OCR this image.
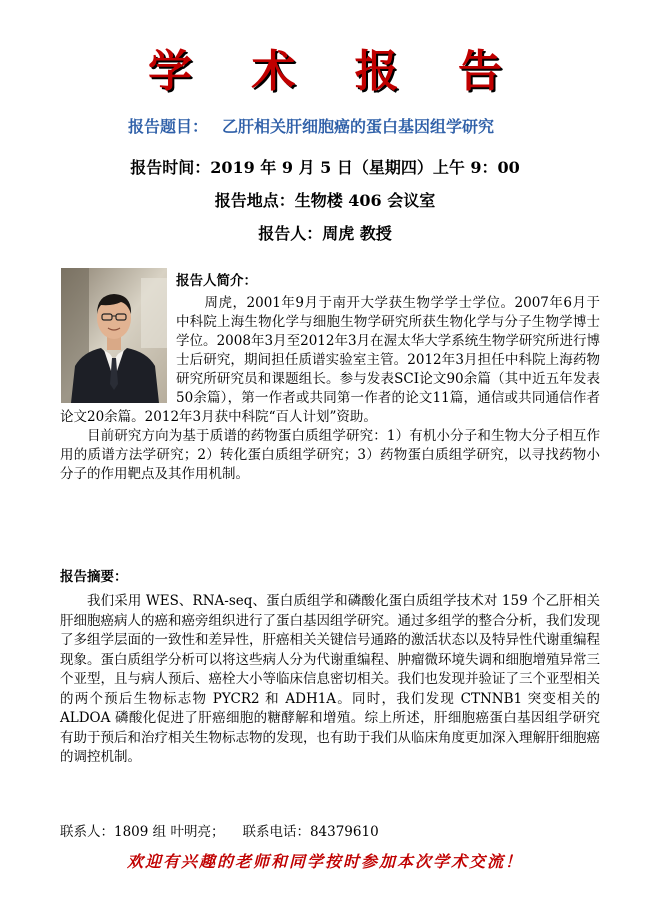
学 术 报 告
报告题目： 乙肝相关肝细胞癌的蛋白基因组学研究
报告时间：2019 年 9 月 5 日（星期四）上午 9：00
报告地点：生物楼 406 会议室
报告人：周虎 教授
报告人简介：

周虎，2001年9月于南开大学获生物学学士学位。2007年6月于中科院上海生物化学与细胞生物学研究所获生物化学与分子生物学博士学位。2008年3月至2012年3月在渥太华大学系统生物学研究所进行博士后研究，期间担任质谱实验室主管。2012年3月担任中科院上海药物研究所研究员和课题组长。参与发表SCI论文90余篇（其中近五年发表50余篇），第一作者或共同第一作者的论文11篇，通信或共同通信作者论文20余篇。2012年3月获中科院“百人计划”资助。

目前研究方向为基于质谱的药物蛋白质组学研究：1）有机小分子和生物大分子相互作用的质谱方法学研究；2）转化蛋白质组学研究；3）药物蛋白质组学研究，以寻找药物小分子的作用靶点及其作用机制。

报告摘要：

我们采用 WES、RNA-seq、蛋白质组学和磷酸化蛋白质组学技术对 159 个乙肝相关肝细胞癌病人的癌和癌旁组织进行了蛋白基因组学研究。通过多组学的整合分析，我们发现了多组学层面的一致性和差异性，肝癌相关关键信号通路的激活状态以及特异性代谢重编程现象。蛋白质组学分析可以将这些病人分为代谢重编程、肿瘤微环境失调和细胞增殖异常三个亚型，且与病人预后、癌栓大小等临床信息密切相关。我们也发现并验证了三个亚型相关的两个预后生物标志物 PYCR2 和 ADH1A。同时，我们发现 CTNNB1 突变相关的 ALDOA 磷酸化促进了肝癌细胞的糖酵解和增殖。综上所述，肝细胞癌蛋白基因组学研究有助于预后和治疗相关生物标志物的发现，也有助于我们从临床角度更加深入理解肝细胞癌的调控机制。

联系人：1809 组 叶明亮； 联系电话：84379610
欢迎有兴趣的老师和同学按时参加本次学术交流！
